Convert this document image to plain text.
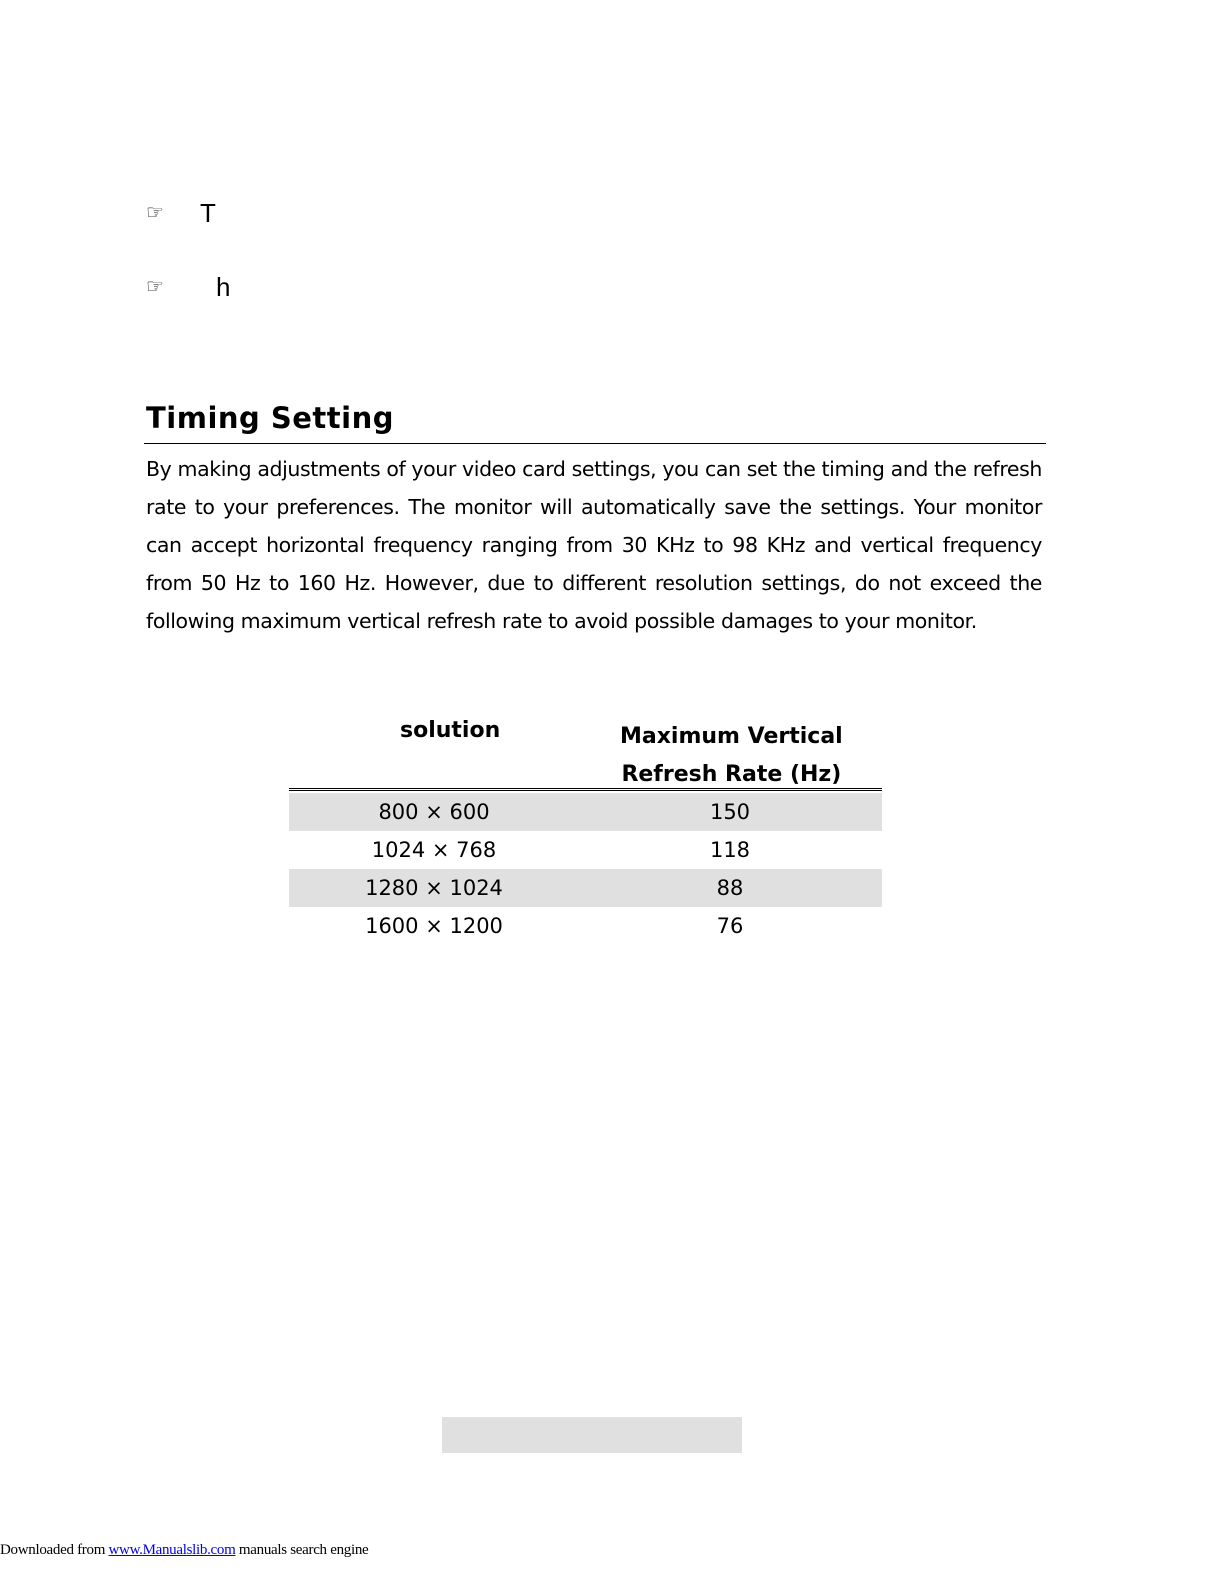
☞ T
☞ h
Timing Setting
By making adjustments of your video card settings, you can set the timing and the refresh rate to your preferences. The monitor will automatically save the settings. Your monitor can accept horizontal frequency ranging from 30 KHz to 98 KHz and vertical frequency from 50 Hz to 160 Hz. However, due to different resolution settings, do not exceed the following maximum vertical refresh rate to avoid possible damages to your monitor.
solution	Maximum Vertical
Refresh Rate (Hz)
800 × 600	150
1024 × 768	118
1280 × 1024	88
1600 × 1200	76
Downloaded from www.Manualslib.com manuals search engine
